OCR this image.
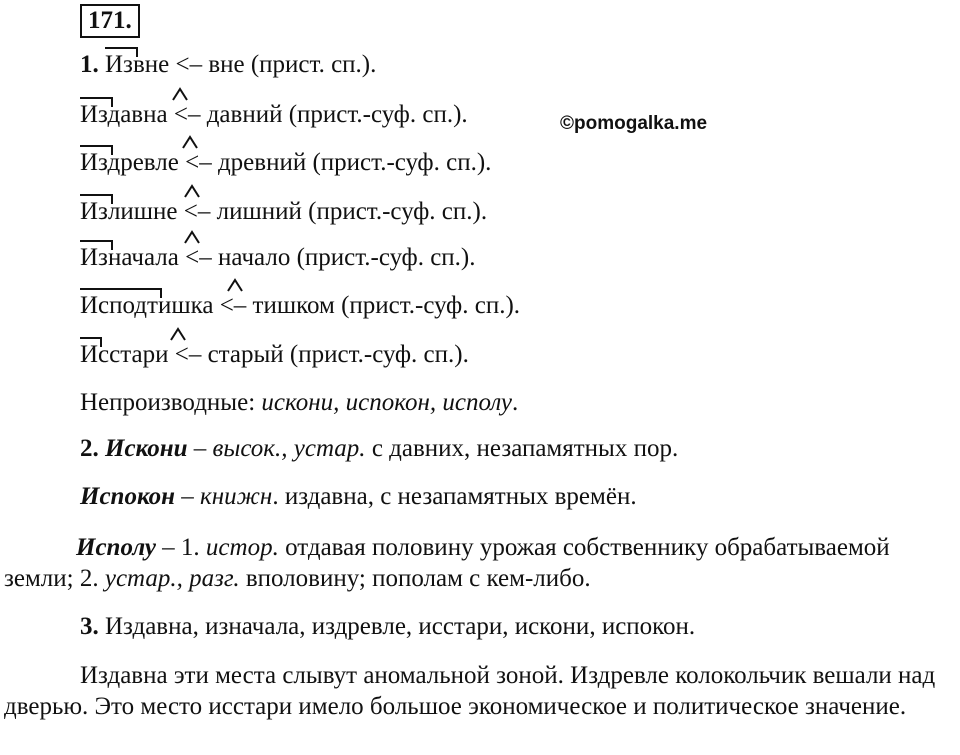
171.
©pomogalka.me
1. Извне <– вне (прист. сп.).
Издавна <– давний (прист.-суф. сп.).
Издревле <– древний (прист.-суф. сп.).
Излишне <– лишний (прист.-суф. сп.).
Изначала <– начало (прист.-суф. сп.).
Исподтишка <– тишком (прист.-суф. сп.).
Исстари <– старый (прист.-суф. сп.).
Непроизводные: искони, испокон, исполу.
2. Искони – высок., устар. с давних, незапамятных пор.
Испокон – книжн. издавна, с незапамятных времён.
Исполу – 1. истор. отдавая половину урожая собственнику обрабатываемой земли; 2. устар., разг. вполовину; пополам с кем-либо.
3. Издавна, изначала, издревле, исстари, искони, испокон.
Издавна эти места слывут аномальной зоной. Издревле колокольчик вешали над дверью. Это место исстари имело большое экономическое и политическое значение.
